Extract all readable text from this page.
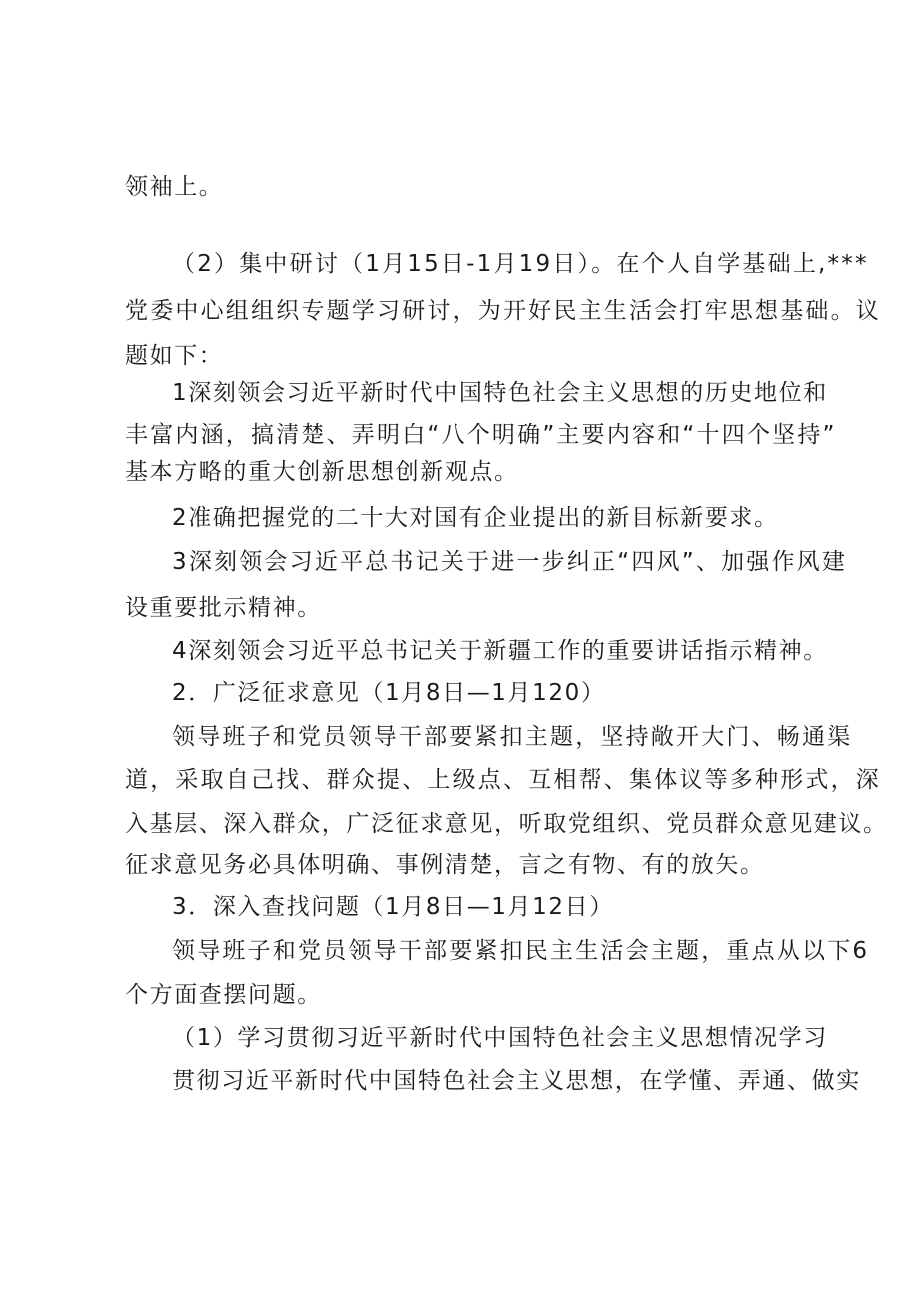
领袖上。
（2）集中研讨（1月15日-1月19日）。在个人自学基础上,***
党委中心组组织专题学习研讨，为开好民主生活会打牢思想基础。议
题如下：
1深刻领会习近平新时代中国特色社会主义思想的历史地位和
丰富内涵，搞清楚、弄明白“八个明确”主要内容和“十四个坚持”
基本方略的重大创新思想创新观点。
2准确把握党的二十大对国有企业提出的新目标新要求。
3深刻领会习近平总书记关于进一步纠正“四风”、加强作风建
设重要批示精神。
4深刻领会习近平总书记关于新疆工作的重要讲话指示精神。
2．广泛征求意见（1月8日—1月120）
领导班子和党员领导干部要紧扣主题，坚持敞开大门、畅通渠
道，采取自己找、群众提、上级点、互相帮、集体议等多种形式，深
入基层、深入群众，广泛征求意见，听取党组织、党员群众意见建议。
征求意见务必具体明确、事例清楚，言之有物、有的放矢。
3．深入查找问题（1月8日—1月12日）
领导班子和党员领导干部要紧扣民主生活会主题，重点从以下6
个方面查摆问题。
（1）学习贯彻习近平新时代中国特色社会主义思想情况学习
贯彻习近平新时代中国特色社会主义思想，在学懂、弄通、做实
